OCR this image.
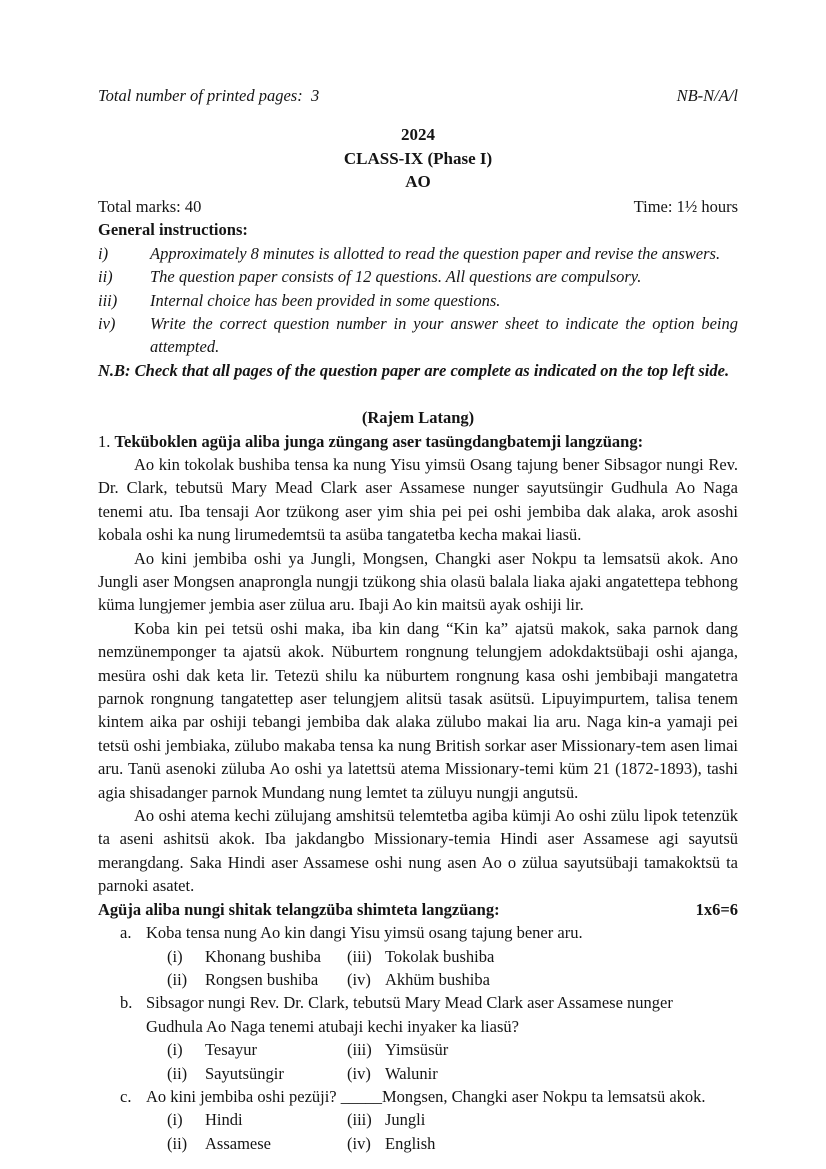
Total number of printed pages:  3	NB-N/A/l
2024
CLASS-IX (Phase I)
AO
Total marks: 40	Time: 1½ hours
General instructions:
i)	Approximately 8 minutes is allotted to read the question paper and revise the answers.
ii)	The question paper consists of 12 questions. All questions are compulsory.
iii)	Internal choice has been provided in some questions.
iv)	Write the correct question number in your answer sheet to indicate the option being attempted.
N.B: Check that all pages of the question paper are complete as indicated on the top left side.
(Rajem Latang)
1. Teküboklen agüja aliba junga züngang aser tasüngdangbatemji langzüang:

Ao kin tokolak bushiba tensa ka nung Yisu yimsü Osang tajung bener Sibsagor nungi Rev. Dr. Clark, tebutsü Mary Mead Clark aser Assamese nunger sayutsüngir Gudhula Ao Naga tenemi atu. Iba tensaji Aor tzükong aser yim shia pei pei oshi jembiba dak alaka, arok asoshi kobala oshi ka nung lirumedemtsü ta asüba tangatetba kecha makai liasü.

Ao kini jembiba oshi ya Jungli, Mongsen, Changki aser Nokpu ta lemsatsü akok. Ano Jungli aser Mongsen anaprongla nungji tzükong shia olasü balala liaka ajaki angatettepa tebhong küma lungjemer jembia aser zülua aru. Ibaji Ao kin maitsü ayak oshiji lir.

Koba kin pei tetsü oshi maka, iba kin dang “Kin ka” ajatsü makok, saka parnok dang nemzünemponger ta ajatsü akok. Nüburtem rongnung telungjem adokdaktsübaji oshi ajanga, mesüra oshi dak keta lir. Tetezü shilu ka nüburtem rongnung kasa oshi jembibaji mangatetra parnok rongnung tangatettep aser telungjem alitsü tasak asütsü. Lipuyimpurtem, talisa tenem kintem aika par oshiji tebangi jembiba dak alaka zülubo makai lia aru. Naga kin-a yamaji pei tetsü oshi jembiaka, zülubo makaba tensa ka nung British sorkar aser Missionary-tem asen limai aru. Tanü asenoki züluba Ao oshi ya latettsü atema Missionary-temi küm 21 (1872-1893), tashi agia shisadanger parnok Mundang nung lemtet ta züluyu nungji angutsü.

Ao oshi atema kechi zülujang amshitsü telemtetba agiba kümji Ao oshi zülu lipok tetenzük ta aseni ashitsü akok. Iba jakdangbo Missionary-temia Hindi aser Assamese agi sayutsü merangdang. Saka Hindi aser Assamese oshi nung asen Ao o zülua sayutsübaji tamakoktsü ta parnoki asatet.

Agüja aliba nungi shitak telangzüba shimteta langzüang:	1x6=6
a. Koba tensa nung Ao kin dangi Yisu yimsü osang tajung bener aru.
(i) Khonang bushiba	(iii) Tokolak bushiba
(ii) Rongsen bushiba	(iv) Akhüm bushiba
b. Sibsagor nungi Rev. Dr. Clark, tebutsü Mary Mead Clark aser Assamese nunger Gudhula Ao Naga tenemi atubaji kechi inyaker ka liasü?
(i) Tesayur	(iii) Yimsüsür
(ii) Sayutsüngir	(iv) Walunir
c. Ao kini jembiba oshi pezüji? _____Mongsen, Changki aser Nokpu ta lemsatsü akok.
(i) Hindi	(iii) Jungli
(ii) Assamese	(iv) English
